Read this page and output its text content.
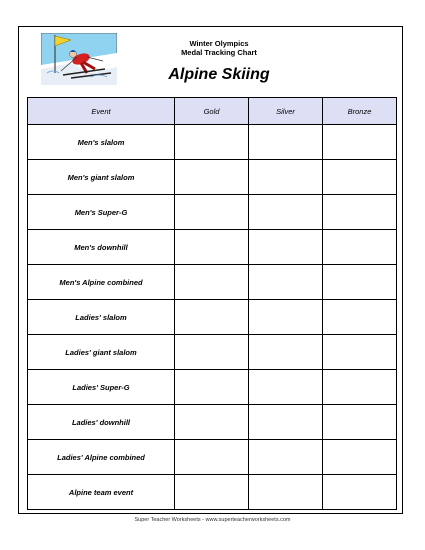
Winter Olympics
Medal Tracking Chart
Alpine Skiing
Event	Gold	Silver	Bronze
Men's slalom			
Men's giant slalom			
Men's Super-G			
Men's downhill			
Men's Alpine combined			
Ladies' slalom			
Ladies' giant slalom			
Ladies' Super-G			
Ladies' downhill			
Ladies' Alpine combined			
Alpine team event			
Super Teacher Worksheets - www.superteacherworksheets.com
